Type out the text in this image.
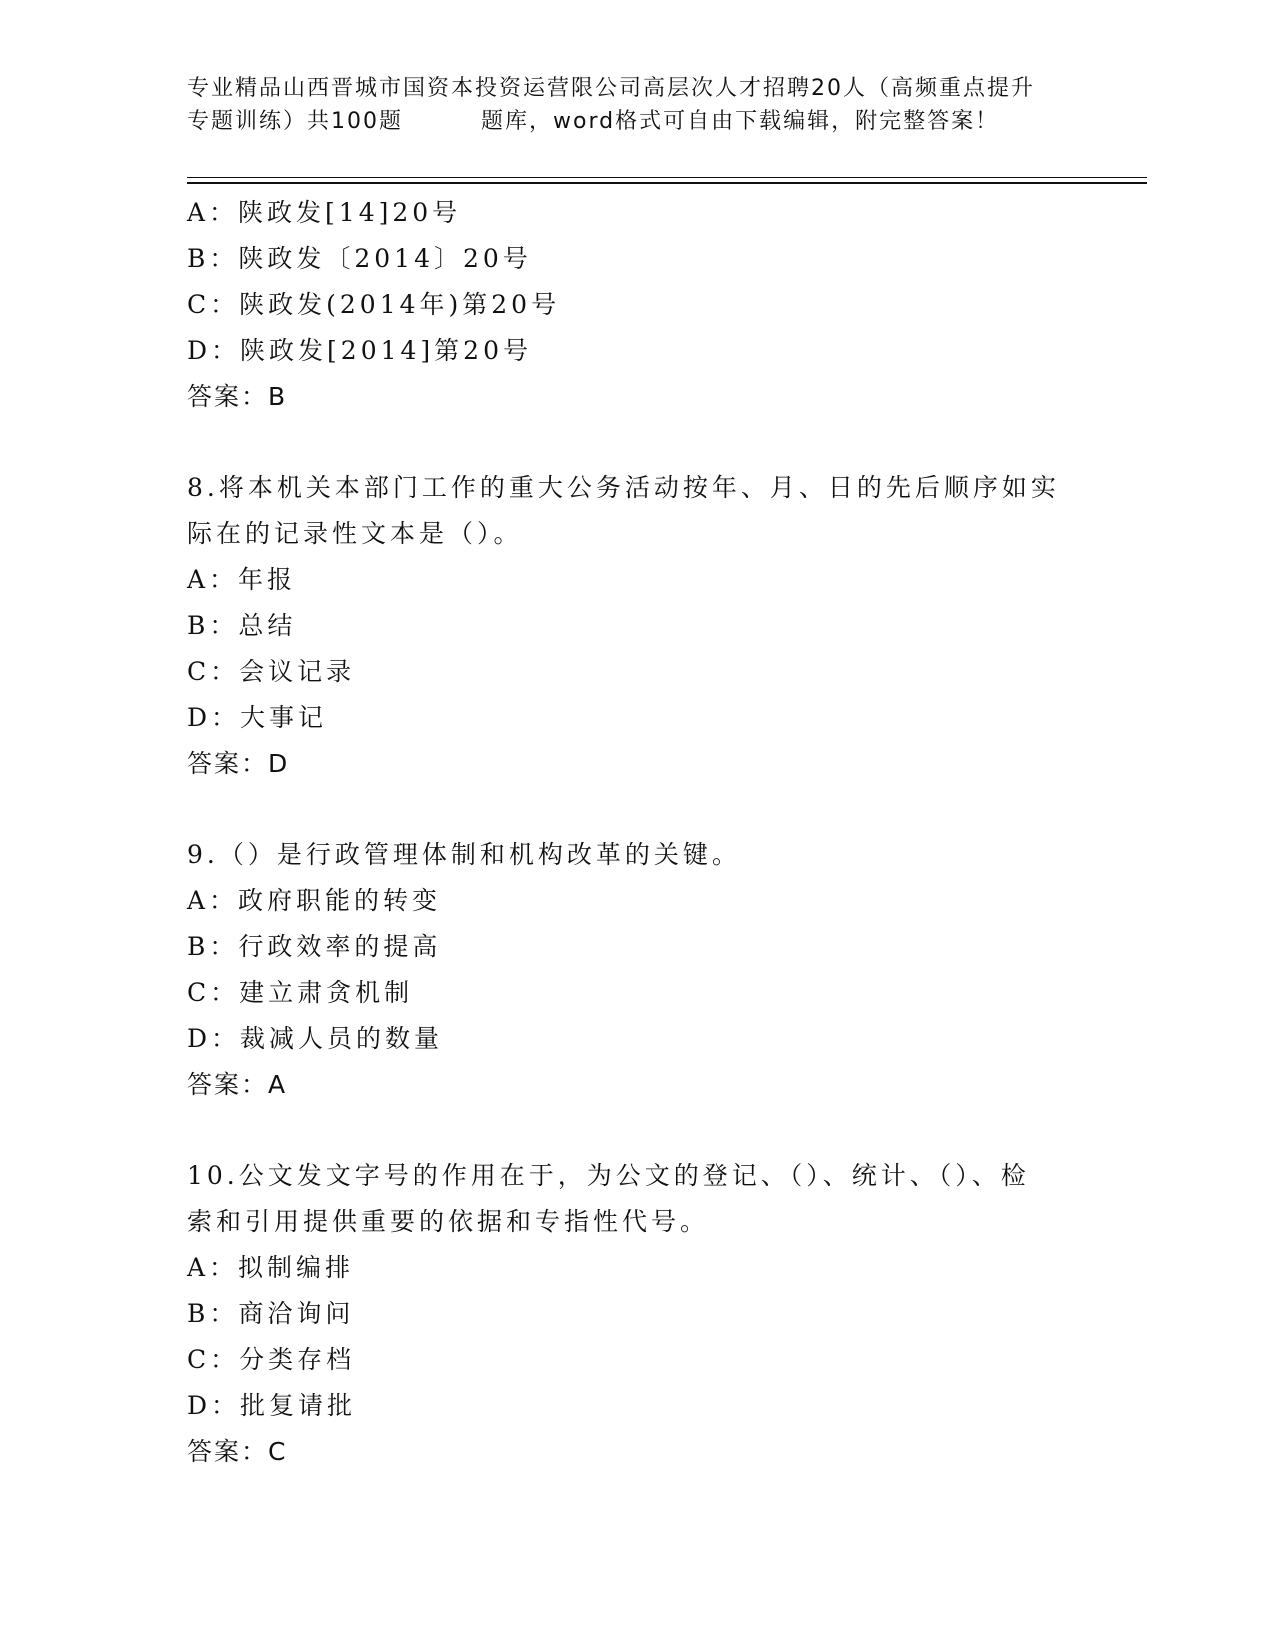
专业精品山西晋城市国资本投资运营限公司高层次人才招聘20人（高频重点提升
专题训练）共100题	题库，word格式可自由下载编辑，附完整答案！
A：陕政发[14]20号
B：陕政发〔2014〕20号
C：陕政发(2014年)第20号
D：陕政发[2014]第20号
答案：B
8.将本机关本部门工作的重大公务活动按年、月、日的先后顺序如实
际在的记录性文本是（）。
A：年报
B：总结
C：会议记录
D：大事记
答案：D
9.（）是行政管理体制和机构改革的关键。
A：政府职能的转变
B：行政效率的提高
C：建立肃贪机制
D：裁减人员的数量
答案：A
10.公文发文字号的作用在于，为公文的登记、（）、统计、（）、检
索和引用提供重要的依据和专指性代号。
A：拟制编排
B：商洽询问
C：分类存档
D：批复请批
答案：C
